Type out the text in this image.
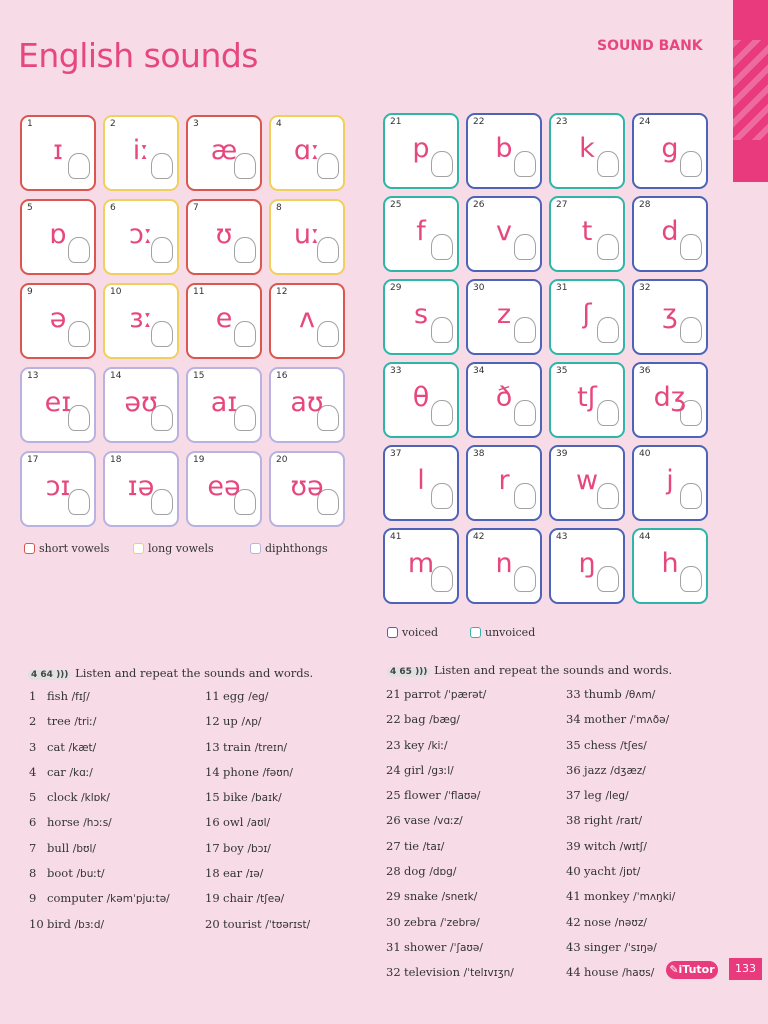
English sounds	SOUND BANK
1
ɪ
2
iː
3
æ
4
ɑː
5
ɒ
6
ɔː
7
ʊ
8
uː
9
ə
10
ɜː
11
e
12
ʌ
13
eɪ
14
əʊ
15
aɪ
16
aʊ
17
ɔɪ
18
ɪə
19
eə
20
ʊə
21
p
22
b
23
k
24
g
25
f
26
v
27
t
28
d
29
s
30
z
31
ʃ
32
ʒ
33
θ
34
ð
35
tʃ
36
dʒ
37
l
38
r
39
w
40
j
41
m
42
n
43
ŋ
44
h
short vowels	long vowels	diphthongs
voiced	unvoiced
4 64 ))) Listen and repeat the sounds and words.	4 65 ))) Listen and repeat the sounds and words.
1 fish /fɪʃ/
2 tree /triː/
3 cat /kæt/
4 car /kɑː/
5 clock /klɒk/
6 horse /hɔːs/
7 bull /bʊl/
8 boot /buːt/
9 computer /kəmˈpjuːtə/
10 bird /bɜːd/
11 egg /eg/
12 up /ʌp/
13 train /treɪn/
14 phone /fəʊn/
15 bike /baɪk/
16 owl /aʊl/
17 boy /bɔɪ/
18 ear /ɪə/
19 chair /tʃeə/
20 tourist /ˈtʊərɪst/
21 parrot /ˈpærət/
22 bag /bæg/
23 key /kiː/
24 girl /gɜːl/
25 flower /ˈflaʊə/
26 vase /vɑːz/
27 tie /taɪ/
28 dog /dɒg/
29 snake /sneɪk/
30 zebra /ˈzebrə/
31 shower /ˈʃaʊə/
32 television /ˈtelɪvɪʒn/
33 thumb /θʌm/
34 mother /ˈmʌðə/
35 chess /tʃes/
36 jazz /dʒæz/
37 leg /leg/
38 right /raɪt/
39 witch /wɪtʃ/
40 yacht /jɒt/
41 monkey /ˈmʌŋki/
42 nose /nəʊz/
43 singer /ˈsɪŋə/
44 house /haʊs/	✎iTutor	133
